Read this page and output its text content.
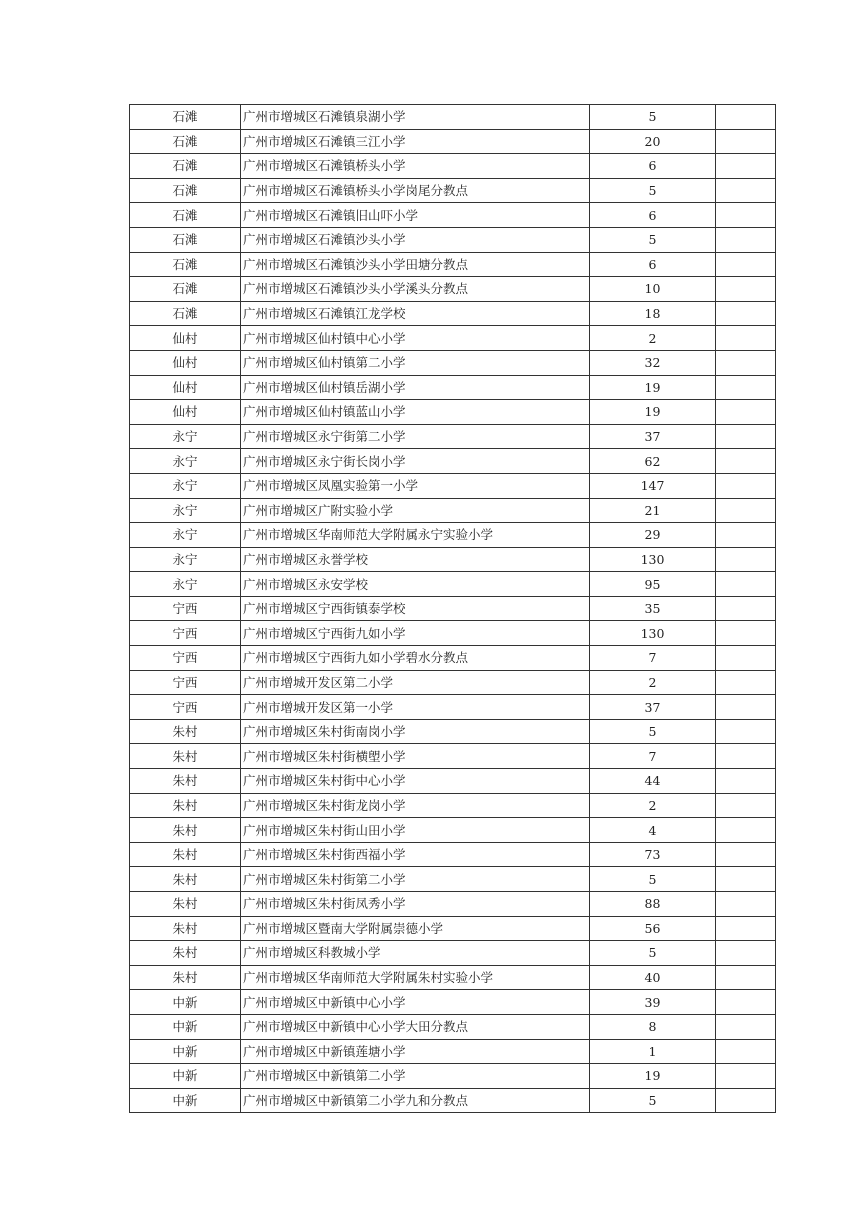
石滩	广州市增城区石滩镇泉湖小学	5	
石滩	广州市增城区石滩镇三江小学	20	
石滩	广州市增城区石滩镇桥头小学	6	
石滩	广州市增城区石滩镇桥头小学岗尾分教点	5	
石滩	广州市增城区石滩镇旧山吓小学	6	
石滩	广州市增城区石滩镇沙头小学	5	
石滩	广州市增城区石滩镇沙头小学田塘分教点	6	
石滩	广州市增城区石滩镇沙头小学溪头分教点	10	
石滩	广州市增城区石滩镇江龙学校	18	
仙村	广州市增城区仙村镇中心小学	2	
仙村	广州市增城区仙村镇第二小学	32	
仙村	广州市增城区仙村镇岳湖小学	19	
仙村	广州市增城区仙村镇蓝山小学	19	
永宁	广州市增城区永宁街第二小学	37	
永宁	广州市增城区永宁街长岗小学	62	
永宁	广州市增城区凤凰实验第一小学	147	
永宁	广州市增城区广附实验小学	21	
永宁	广州市增城区华南师范大学附属永宁实验小学	29	
永宁	广州市增城区永誉学校	130	
永宁	广州市增城区永安学校	95	
宁西	广州市增城区宁西街镇泰学校	35	
宁西	广州市增城区宁西街九如小学	130	
宁西	广州市增城区宁西街九如小学碧水分教点	7	
宁西	广州市增城开发区第二小学	2	
宁西	广州市增城开发区第一小学	37	
朱村	广州市增城区朱村街南岗小学	5	
朱村	广州市增城区朱村街横塱小学	7	
朱村	广州市增城区朱村街中心小学	44	
朱村	广州市增城区朱村街龙岗小学	2	
朱村	广州市增城区朱村街山田小学	4	
朱村	广州市增城区朱村街西福小学	73	
朱村	广州市增城区朱村街第二小学	5	
朱村	广州市增城区朱村街凤秀小学	88	
朱村	广州市增城区暨南大学附属崇德小学	56	
朱村	广州市增城区科教城小学	5	
朱村	广州市增城区华南师范大学附属朱村实验小学	40	
中新	广州市增城区中新镇中心小学	39	
中新	广州市增城区中新镇中心小学大田分教点	8	
中新	广州市增城区中新镇莲塘小学	1	
中新	广州市增城区中新镇第二小学	19	
中新	广州市增城区中新镇第二小学九和分教点	5	
